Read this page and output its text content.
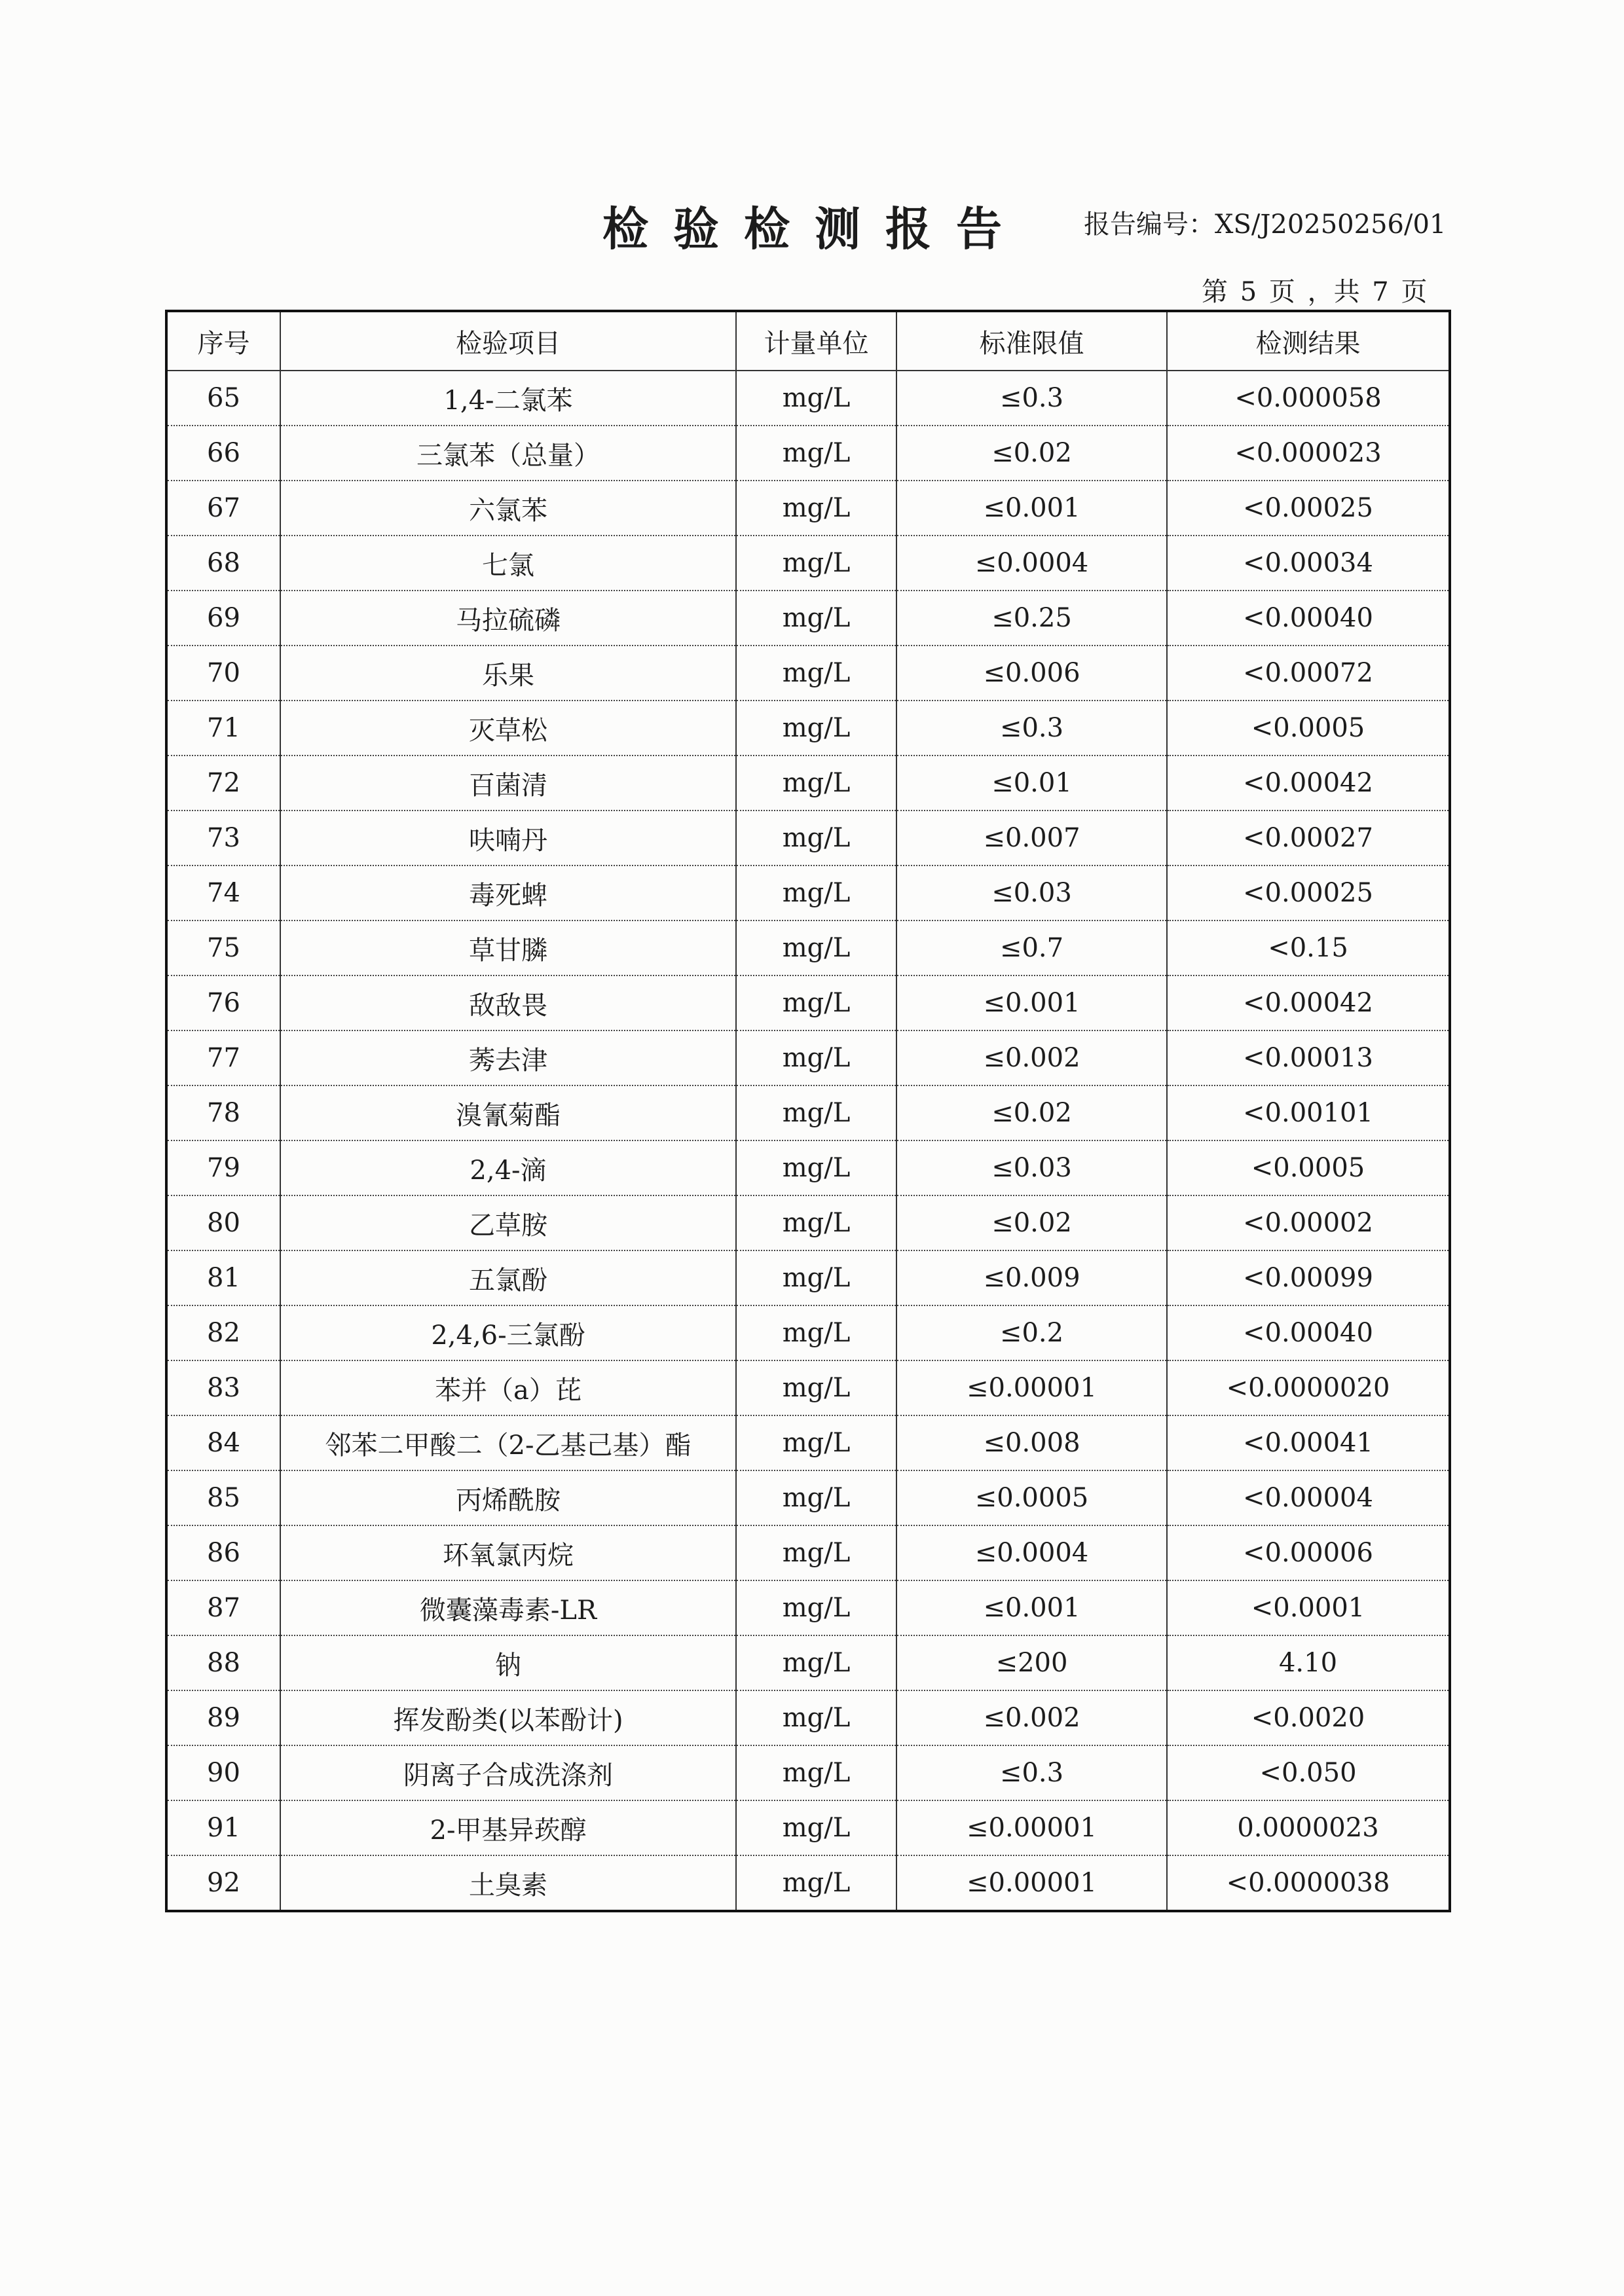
检验检测报告 报告编号：XS/J20250256/01
第 5 页 ，共 7 页
序号	检验项目	计量单位	标准限值	检测结果
65	1,4-二氯苯	mg/L	≤0.3	<0.000058
66	三氯苯（总量）	mg/L	≤0.02	<0.000023
67	六氯苯	mg/L	≤0.001	<0.00025
68	七氯	mg/L	≤0.0004	<0.00034
69	马拉硫磷	mg/L	≤0.25	<0.00040
70	乐果	mg/L	≤0.006	<0.00072
71	灭草松	mg/L	≤0.3	<0.0005
72	百菌清	mg/L	≤0.01	<0.00042
73	呋喃丹	mg/L	≤0.007	<0.00027
74	毒死蜱	mg/L	≤0.03	<0.00025
75	草甘膦	mg/L	≤0.7	<0.15
76	敌敌畏	mg/L	≤0.001	<0.00042
77	莠去津	mg/L	≤0.002	<0.00013
78	溴氰菊酯	mg/L	≤0.02	<0.00101
79	2,4-滴	mg/L	≤0.03	<0.0005
80	乙草胺	mg/L	≤0.02	<0.00002
81	五氯酚	mg/L	≤0.009	<0.00099
82	2,4,6-三氯酚	mg/L	≤0.2	<0.00040
83	苯并（a）芘	mg/L	≤0.00001	<0.0000020
84	邻苯二甲酸二（2-乙基己基）酯	mg/L	≤0.008	<0.00041
85	丙烯酰胺	mg/L	≤0.0005	<0.00004
86	环氧氯丙烷	mg/L	≤0.0004	<0.00006
87	微囊藻毒素-LR	mg/L	≤0.001	<0.0001
88	钠	mg/L	≤200	4.10
89	挥发酚类(以苯酚计)	mg/L	≤0.002	<0.0020
90	阴离子合成洗涤剂	mg/L	≤0.3	<0.050
91	2-甲基异莰醇	mg/L	≤0.00001	0.0000023
92	土臭素	mg/L	≤0.00001	<0.0000038
